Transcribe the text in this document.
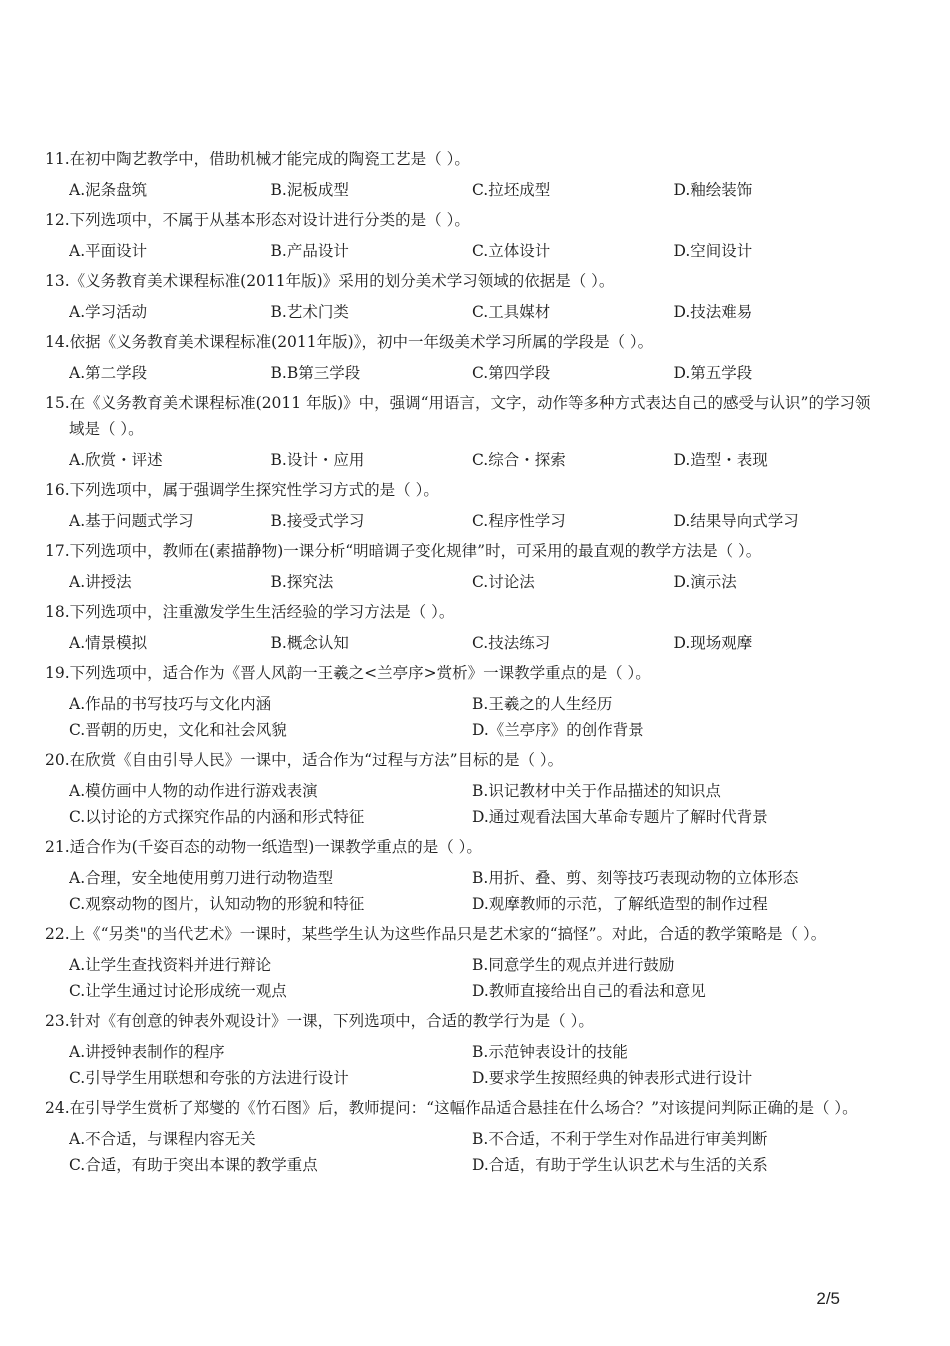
11.在初中陶艺教学中，借助机械才能完成的陶瓷工艺是（ ）。

A.泥条盘筑	B.泥板成型	C.拉坯成型	D.釉绘装饰

12.下列选项中，不属于从基本形态对设计进行分类的是（ ）。

A.平面设计	B.产品设计	C.立体设计	D.空间设计

13.《义务教育美术课程标准(2011年版)》采用的划分美术学习领域的依据是（ ）。

A.学习活动	B.艺术门类	C.工具媒材	D.技法难易

14.依据《义务教育美术课程标准(2011年版)》，初中一年级美术学习所属的学段是（ ）。

A.第二学段	B.B第三学段	C.第四学段	D.第五学段

15.在《义务教育美术课程标准(2011 年版)》中，强调“用语言，文字，动作等多种方式表达自己的感受与认识”的学习领域是（ ）。

A.欣赏・评述	B.设计・应用	C.综合・探索	D.造型・表现

16.下列选项中，属于强调学生探究性学习方式的是（ ）。

A.基于问题式学习	B.接受式学习	C.程序性学习	D.结果导向式学习

17.下列选项中，教师在(素描静物)一课分析“明暗调子变化规律”时，可采用的最直观的教学方法是（ ）。

A.讲授法	B.探究法	C.讨论法	D.演示法

18.下列选项中，注重激发学生生活经验的学习方法是（ ）。

A.情景模拟	B.概念认知	C.技法练习	D.现场观摩

19.下列选项中，适合作为《晋人风韵一王羲之<兰亭序>赏析》一课教学重点的是（ ）。

A.作品的书写技巧与文化内涵	B.王羲之的人生经历
C.晋朝的历史，文化和社会风貌	D.《兰亭序》的创作背景

20.在欣赏《自由引导人民》一课中，适合作为“过程与方法”目标的是（ ）。

A.模仿画中人物的动作进行游戏表演	B.识记教材中关于作品描述的知识点
C.以讨论的方式探究作品的内涵和形式特征	D.通过观看法国大革命专题片了解时代背景

21.适合作为(千姿百态的动物一纸造型)一课教学重点的是（ ）。

A.合理，安全地使用剪刀进行动物造型	B.用折、叠、剪、刻等技巧表现动物的立体形态
C.观察动物的图片，认知动物的形貌和特征	D.观摩教师的示范，了解纸造型的制作过程

22.上《“另类"的当代艺术》一课时，某些学生认为这些作品只是艺术家的“搞怪”。对此，合适的教学策略是（ ）。

A.让学生查找资料并进行辩论	B.同意学生的观点并进行鼓励
C.让学生通过讨论形成统一观点	D.教师直接给出自己的看法和意见

23.针对《有创意的钟表外观设计》一课，下列选项中，合适的教学行为是（ ）。

A.讲授钟表制作的程序	B.示范钟表设计的技能
C.引导学生用联想和夸张的方法进行设计	D.要求学生按照经典的钟表形式进行设计

24.在引导学生赏析了郑燮的《竹石图》后，教师提问：“这幅作品适合悬挂在什么场合？”对该提问判际正确的是（ ）。

A.不合适，与课程内容无关	B.不合适，不利于学生对作品进行审美判断
C.合适，有助于突出本课的教学重点	D.合适，有助于学生认识艺术与生活的关系
2/5
